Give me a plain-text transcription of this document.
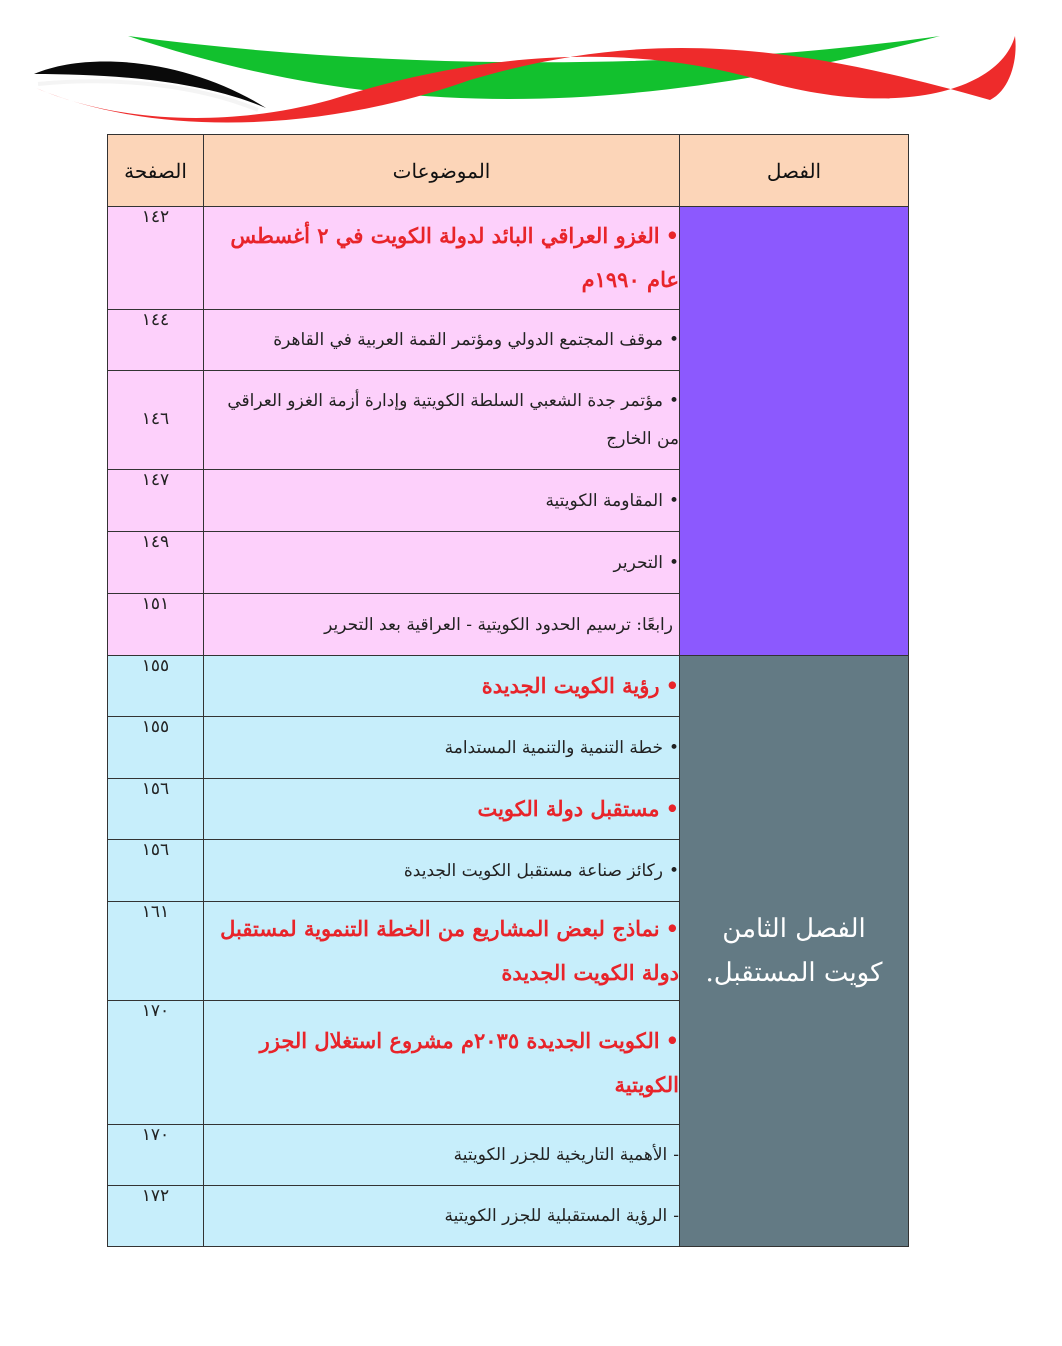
الفصل	الموضوعات	الصفحة

	•الغزو العراقي البائد لدولة الكويت في ٢ أغسطس عام ١٩٩٠م	١٤٢
	•موقف المجتمع الدولي ومؤتمر القمة العربية في القاهرة	١٤٤
	•مؤتمر جدة الشعبي السلطة الكويتية وإدارة أزمة الغزو العراقي من الخارج	١٤٦
	•المقاومة الكويتية	١٤٧
	•التحرير	١٤٩
	رابعًا: ترسيم الحدود الكويتية - العراقية بعد التحرير	١٥١

الفصل الثامن
كويت المستقبل.	•رؤية الكويت الجديدة	١٥٥
	•خطة التنمية والتنمية المستدامة	١٥٥
	•مستقبل دولة الكويت	١٥٦
	•ركائز صناعة مستقبل الكويت الجديدة	١٥٦
	•نماذج لبعض المشاريع من الخطة التنموية لمستقبل دولة الكويت الجديدة	١٦١
	•الكويت الجديدة ٢٠٣٥م مشروع استغلال الجزر الكويتية	١٧٠
	-الأهمية التاريخية للجزر الكويتية	١٧٠
	-الرؤية المستقبلية للجزر الكويتية	١٧٢
